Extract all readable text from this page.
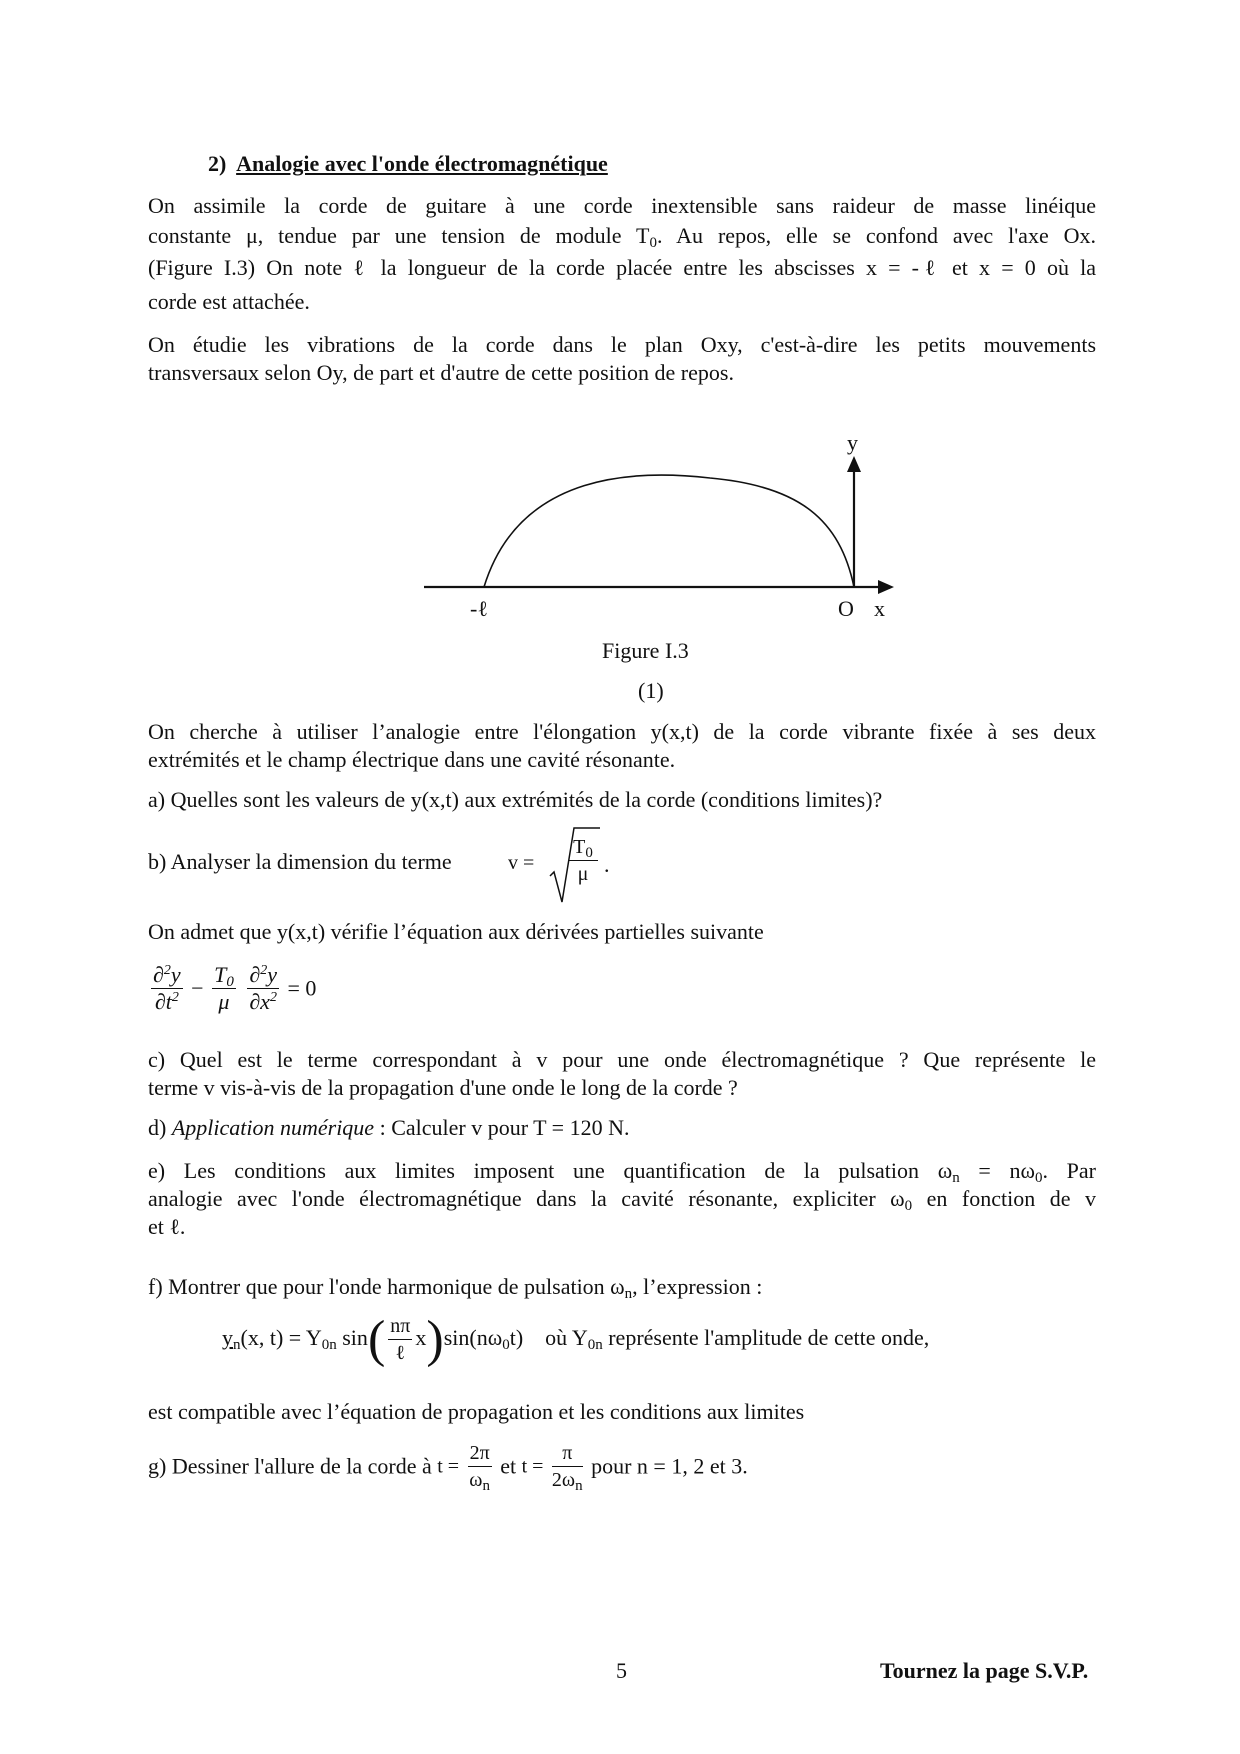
2) Analogie avec l'onde électromagnétique
On assimile la corde de guitare à une corde inextensible sans raideur de masse linéique
constante μ, tendue par une tension de module $T_0$. Au repos, elle se confond avec l'axe Ox.
(Figure I.3) On note ℓ la longueur de la corde placée entre les abscisses x = -ℓ et x = 0 où la
corde est attachée.
On étudie les vibrations de la corde dans le plan Oxy, c'est-à-dire les petits mouvements
transversaux selon Oy, de part et d'autre de cette position de repos.
y
x
O
-ℓ
Figure I.3
(1)
On cherche à utiliser l’analogie entre l'élongation y(x,t) de la corde vibrante fixée à ses deux
extrémités et le champ électrique dans une cavité résonante.
a) Quelles sont les valeurs de y(x,t) aux extrémités de la corde (conditions limites)?
b) Analyser la dimension du terme	v =
$T_0$
μ .
On admet que y(x,t) vérifie l’équation aux dérivées partielles suivante
$\frac{\partial^2y}{\partial t^2} - \frac{T_0}{\mu}$
$\frac{\partial^2y}{\partial x^2} = 0$
c) Quel est le terme correspondant à v pour une onde électromagnétique ? Que représente le
terme v vis-à-vis de la propagation d'une onde le long de la corde ?
d) Application numérique : Calculer v pour T = 120 N.
e) Les conditions aux limites imposent une quantification de la pulsation $\omega_n = n\omega_0$. Par
analogie avec l'onde électromagnétique dans la cavité résonante, expliciter $\omega_0$ en fonction de v
et ℓ.
f) Montrer que pour l'onde harmonique de pulsation $\omega_n$, l’expression :
$y_n(x$, $t) = Y_{0n}$ $\sin( \frac{n\pi}{\text{ℓ}} x)\sin(n\omega_0t)$ où $Y_{0n}$ représente l'amplitude de cette onde,
est compatible avec l’équation de propagation et les conditions aux limites
g) Dessiner l'allure de la corde à $t = \frac{2\pi}{\omega_n}$ et $t = \frac{\pi}{2\omega_n}$ pour n = 1, 2 et 3.
5	Tournez la page S.V.P.
